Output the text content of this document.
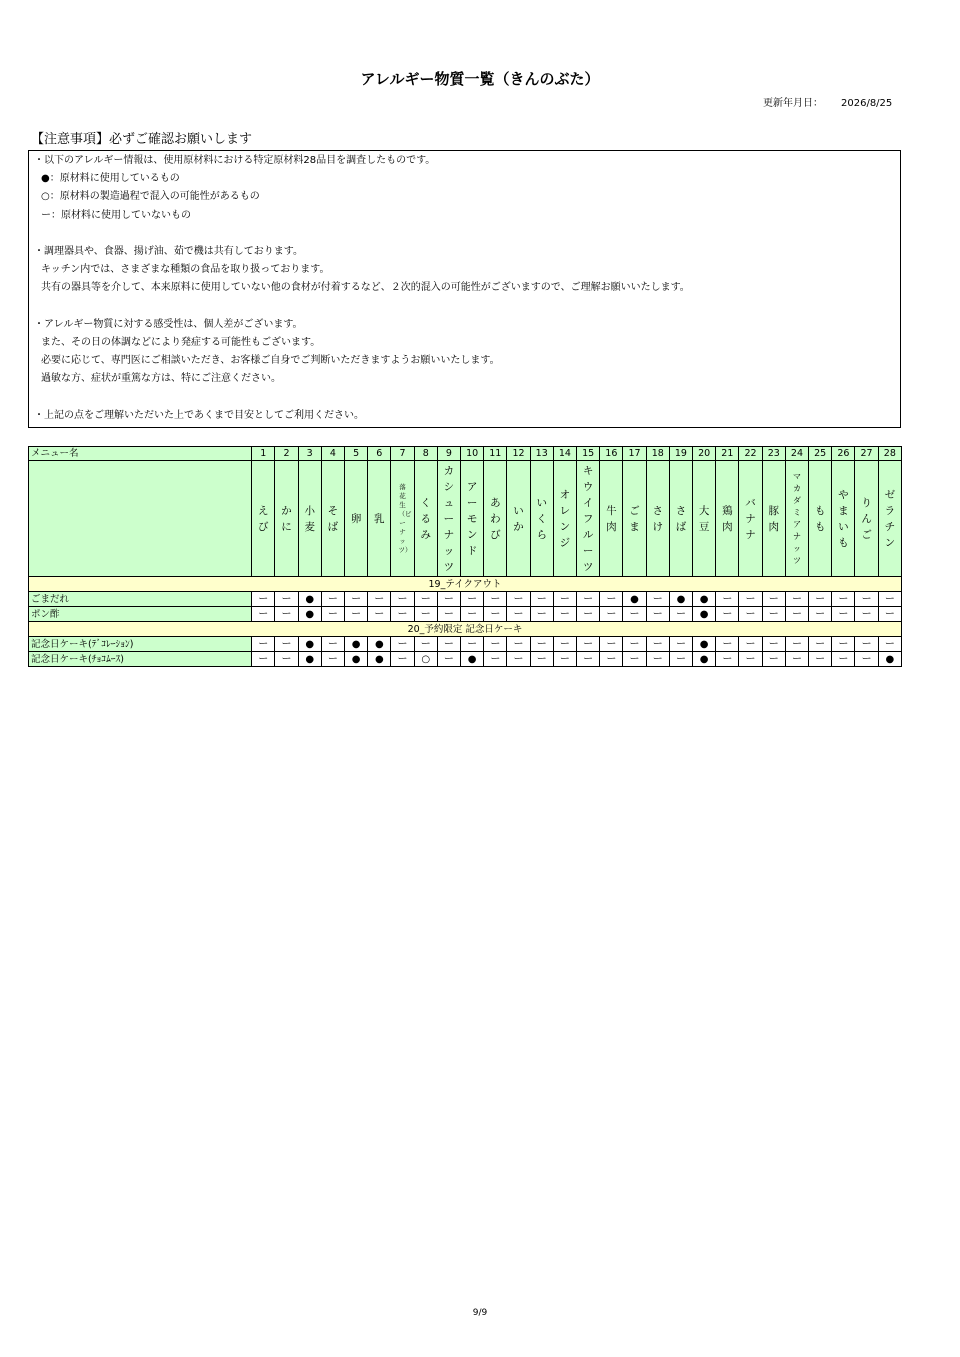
アレルギー物質一覧（きんのぶた）
更新年月日： 2026/8/25
【注意事項】必ずご確認お願いします
・以下のアレルギー情報は、使用原材料における特定原材料28品目を調査したものです。
●：原材料に使用しているもの
○：原材料の製造過程で混入の可能性があるもの
ー：原材料に使用していないもの
・調理器具や、食器、揚げ油、茹で機は共有しております。
キッチン内では、さまざまな種類の食品を取り扱っております。
共有の器具等を介して、本来原料に使用していない他の食材が付着するなど、２次的混入の可能性がございますので、ご理解お願いいたします。
・アレルギー物質に対する感受性は、個人差がございます。
また、その日の体調などにより発症する可能性もございます。
必要に応じて、専門医にご相談いただき、お客様ご自身でご判断いただきますようお願いいたします。
過敏な方、症状が重篤な方は、特にご注意ください。
・上記の点をご理解いただいた上であくまで目安としてご利用ください。
メニュー名	1	2	3	4	5	6	7	8	9	10	11	12	13	14	15	16	17	18	19	20	21	22	23	24	25	26	27	28
	えび	かに	小麦	そば	卵	乳	落花生（ピーナッツ）	くるみ	カシューナッツ	アーモンド	あわび	いか	いくら	オレンジ	キウイフルーツ	牛肉	ごま	さけ	さば	大豆	鶏肉	バナナ	豚肉	マカダミアナッツ	もも	やまいも	りんご	ゼラチン
19_テイクアウト																												
ごまだれ	ー	ー	●	ー	ー	ー	ー	ー	ー	ー	ー	ー	ー	ー	ー	ー	●	ー	●	●	ー	ー	ー	ー	ー	ー	ー	ー
ポン酢	ー	ー	●	ー	ー	ー	ー	ー	ー	ー	ー	ー	ー	ー	ー	ー	ー	ー	ー	●	ー	ー	ー	ー	ー	ー	ー	ー
20_予約限定 記念日ケーキ																												
記念日ケーキ(ﾃﾞｺﾚｰｼｮﾝ)	ー	ー	●	ー	●	●	ー	ー	ー	ー	ー	ー	ー	ー	ー	ー	ー	ー	ー	●	ー	ー	ー	ー	ー	ー	ー	ー
記念日ケーキ(ﾁｮｺﾑｰｽ)	ー	ー	●	ー	●	●	ー	○	ー	●	ー	ー	ー	ー	ー	ー	ー	ー	ー	●	ー	ー	ー	ー	ー	ー	ー	●
9/9
